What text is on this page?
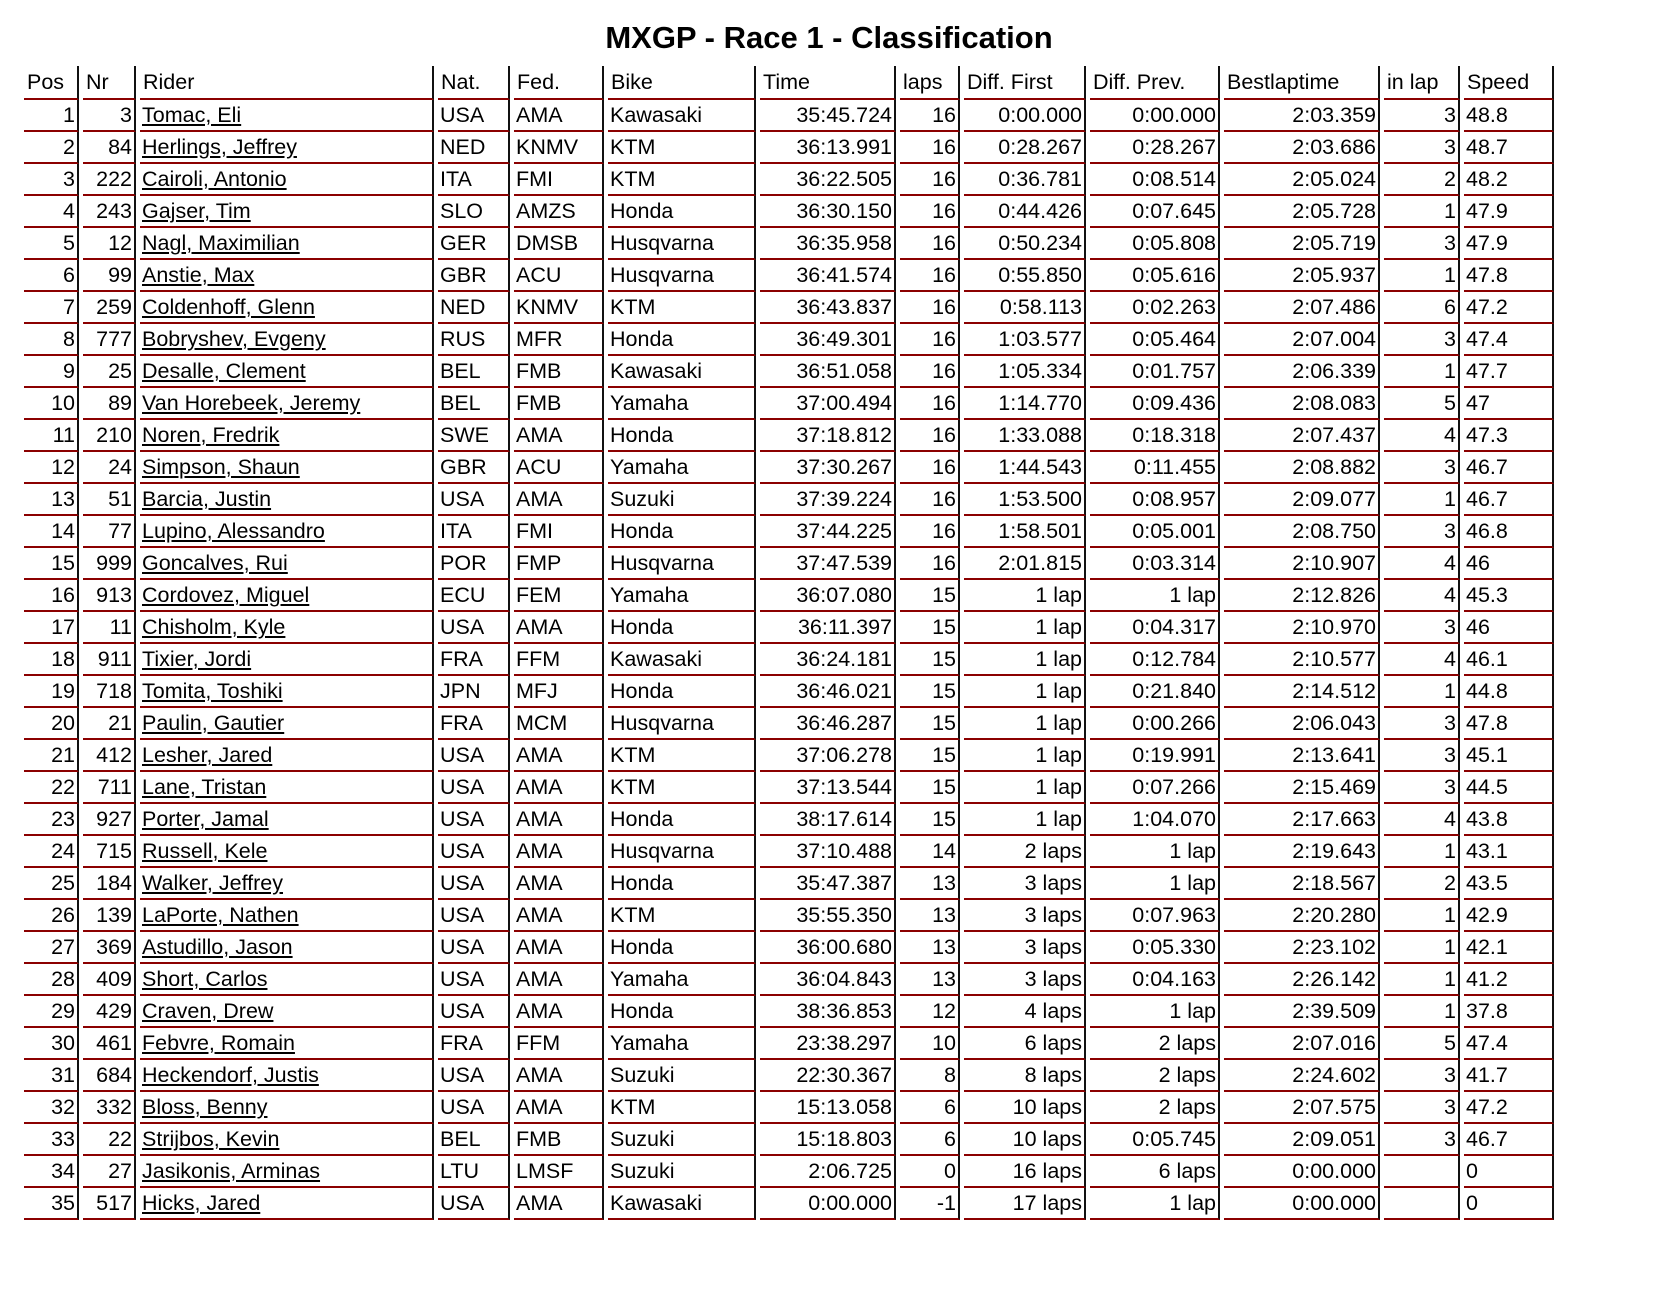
MXGP - Race 1 - Classification
Pos	Nr	Rider	Nat.	Fed.	Bike	Time	laps	Diff. First	Diff. Prev.	Bestlaptime	in lap	Speed
1	3	Tomac, Eli	USA	AMA	Kawasaki	35:45.724	16	0:00.000	0:00.000	2:03.359	3	48.8
2	84	Herlings, Jeffrey	NED	KNMV	KTM	36:13.991	16	0:28.267	0:28.267	2:03.686	3	48.7
3	222	Cairoli, Antonio	ITA	FMI	KTM	36:22.505	16	0:36.781	0:08.514	2:05.024	2	48.2
4	243	Gajser, Tim	SLO	AMZS	Honda	36:30.150	16	0:44.426	0:07.645	2:05.728	1	47.9
5	12	Nagl, Maximilian	GER	DMSB	Husqvarna	36:35.958	16	0:50.234	0:05.808	2:05.719	3	47.9
6	99	Anstie, Max	GBR	ACU	Husqvarna	36:41.574	16	0:55.850	0:05.616	2:05.937	1	47.8
7	259	Coldenhoff, Glenn	NED	KNMV	KTM	36:43.837	16	0:58.113	0:02.263	2:07.486	6	47.2
8	777	Bobryshev, Evgeny	RUS	MFR	Honda	36:49.301	16	1:03.577	0:05.464	2:07.004	3	47.4
9	25	Desalle, Clement	BEL	FMB	Kawasaki	36:51.058	16	1:05.334	0:01.757	2:06.339	1	47.7
10	89	Van Horebeek, Jeremy	BEL	FMB	Yamaha	37:00.494	16	1:14.770	0:09.436	2:08.083	5	47
11	210	Noren, Fredrik	SWE	AMA	Honda	37:18.812	16	1:33.088	0:18.318	2:07.437	4	47.3
12	24	Simpson, Shaun	GBR	ACU	Yamaha	37:30.267	16	1:44.543	0:11.455	2:08.882	3	46.7
13	51	Barcia, Justin	USA	AMA	Suzuki	37:39.224	16	1:53.500	0:08.957	2:09.077	1	46.7
14	77	Lupino, Alessandro	ITA	FMI	Honda	37:44.225	16	1:58.501	0:05.001	2:08.750	3	46.8
15	999	Goncalves, Rui	POR	FMP	Husqvarna	37:47.539	16	2:01.815	0:03.314	2:10.907	4	46
16	913	Cordovez, Miguel	ECU	FEM	Yamaha	36:07.080	15	1 lap	1 lap	2:12.826	4	45.3
17	11	Chisholm, Kyle	USA	AMA	Honda	36:11.397	15	1 lap	0:04.317	2:10.970	3	46
18	911	Tixier, Jordi	FRA	FFM	Kawasaki	36:24.181	15	1 lap	0:12.784	2:10.577	4	46.1
19	718	Tomita, Toshiki	JPN	MFJ	Honda	36:46.021	15	1 lap	0:21.840	2:14.512	1	44.8
20	21	Paulin, Gautier	FRA	MCM	Husqvarna	36:46.287	15	1 lap	0:00.266	2:06.043	3	47.8
21	412	Lesher, Jared	USA	AMA	KTM	37:06.278	15	1 lap	0:19.991	2:13.641	3	45.1
22	711	Lane, Tristan	USA	AMA	KTM	37:13.544	15	1 lap	0:07.266	2:15.469	3	44.5
23	927	Porter, Jamal	USA	AMA	Honda	38:17.614	15	1 lap	1:04.070	2:17.663	4	43.8
24	715	Russell, Kele	USA	AMA	Husqvarna	37:10.488	14	2 laps	1 lap	2:19.643	1	43.1
25	184	Walker, Jeffrey	USA	AMA	Honda	35:47.387	13	3 laps	1 lap	2:18.567	2	43.5
26	139	LaPorte, Nathen	USA	AMA	KTM	35:55.350	13	3 laps	0:07.963	2:20.280	1	42.9
27	369	Astudillo, Jason	USA	AMA	Honda	36:00.680	13	3 laps	0:05.330	2:23.102	1	42.1
28	409	Short, Carlos	USA	AMA	Yamaha	36:04.843	13	3 laps	0:04.163	2:26.142	1	41.2
29	429	Craven, Drew	USA	AMA	Honda	38:36.853	12	4 laps	1 lap	2:39.509	1	37.8
30	461	Febvre, Romain	FRA	FFM	Yamaha	23:38.297	10	6 laps	2 laps	2:07.016	5	47.4
31	684	Heckendorf, Justis	USA	AMA	Suzuki	22:30.367	8	8 laps	2 laps	2:24.602	3	41.7
32	332	Bloss, Benny	USA	AMA	KTM	15:13.058	6	10 laps	2 laps	2:07.575	3	47.2
33	22	Strijbos, Kevin	BEL	FMB	Suzuki	15:18.803	6	10 laps	0:05.745	2:09.051	3	46.7
34	27	Jasikonis, Arminas	LTU	LMSF	Suzuki	2:06.725	0	16 laps	6 laps	0:00.000		0
35	517	Hicks, Jared	USA	AMA	Kawasaki	0:00.000	-1	17 laps	1 lap	0:00.000		0
